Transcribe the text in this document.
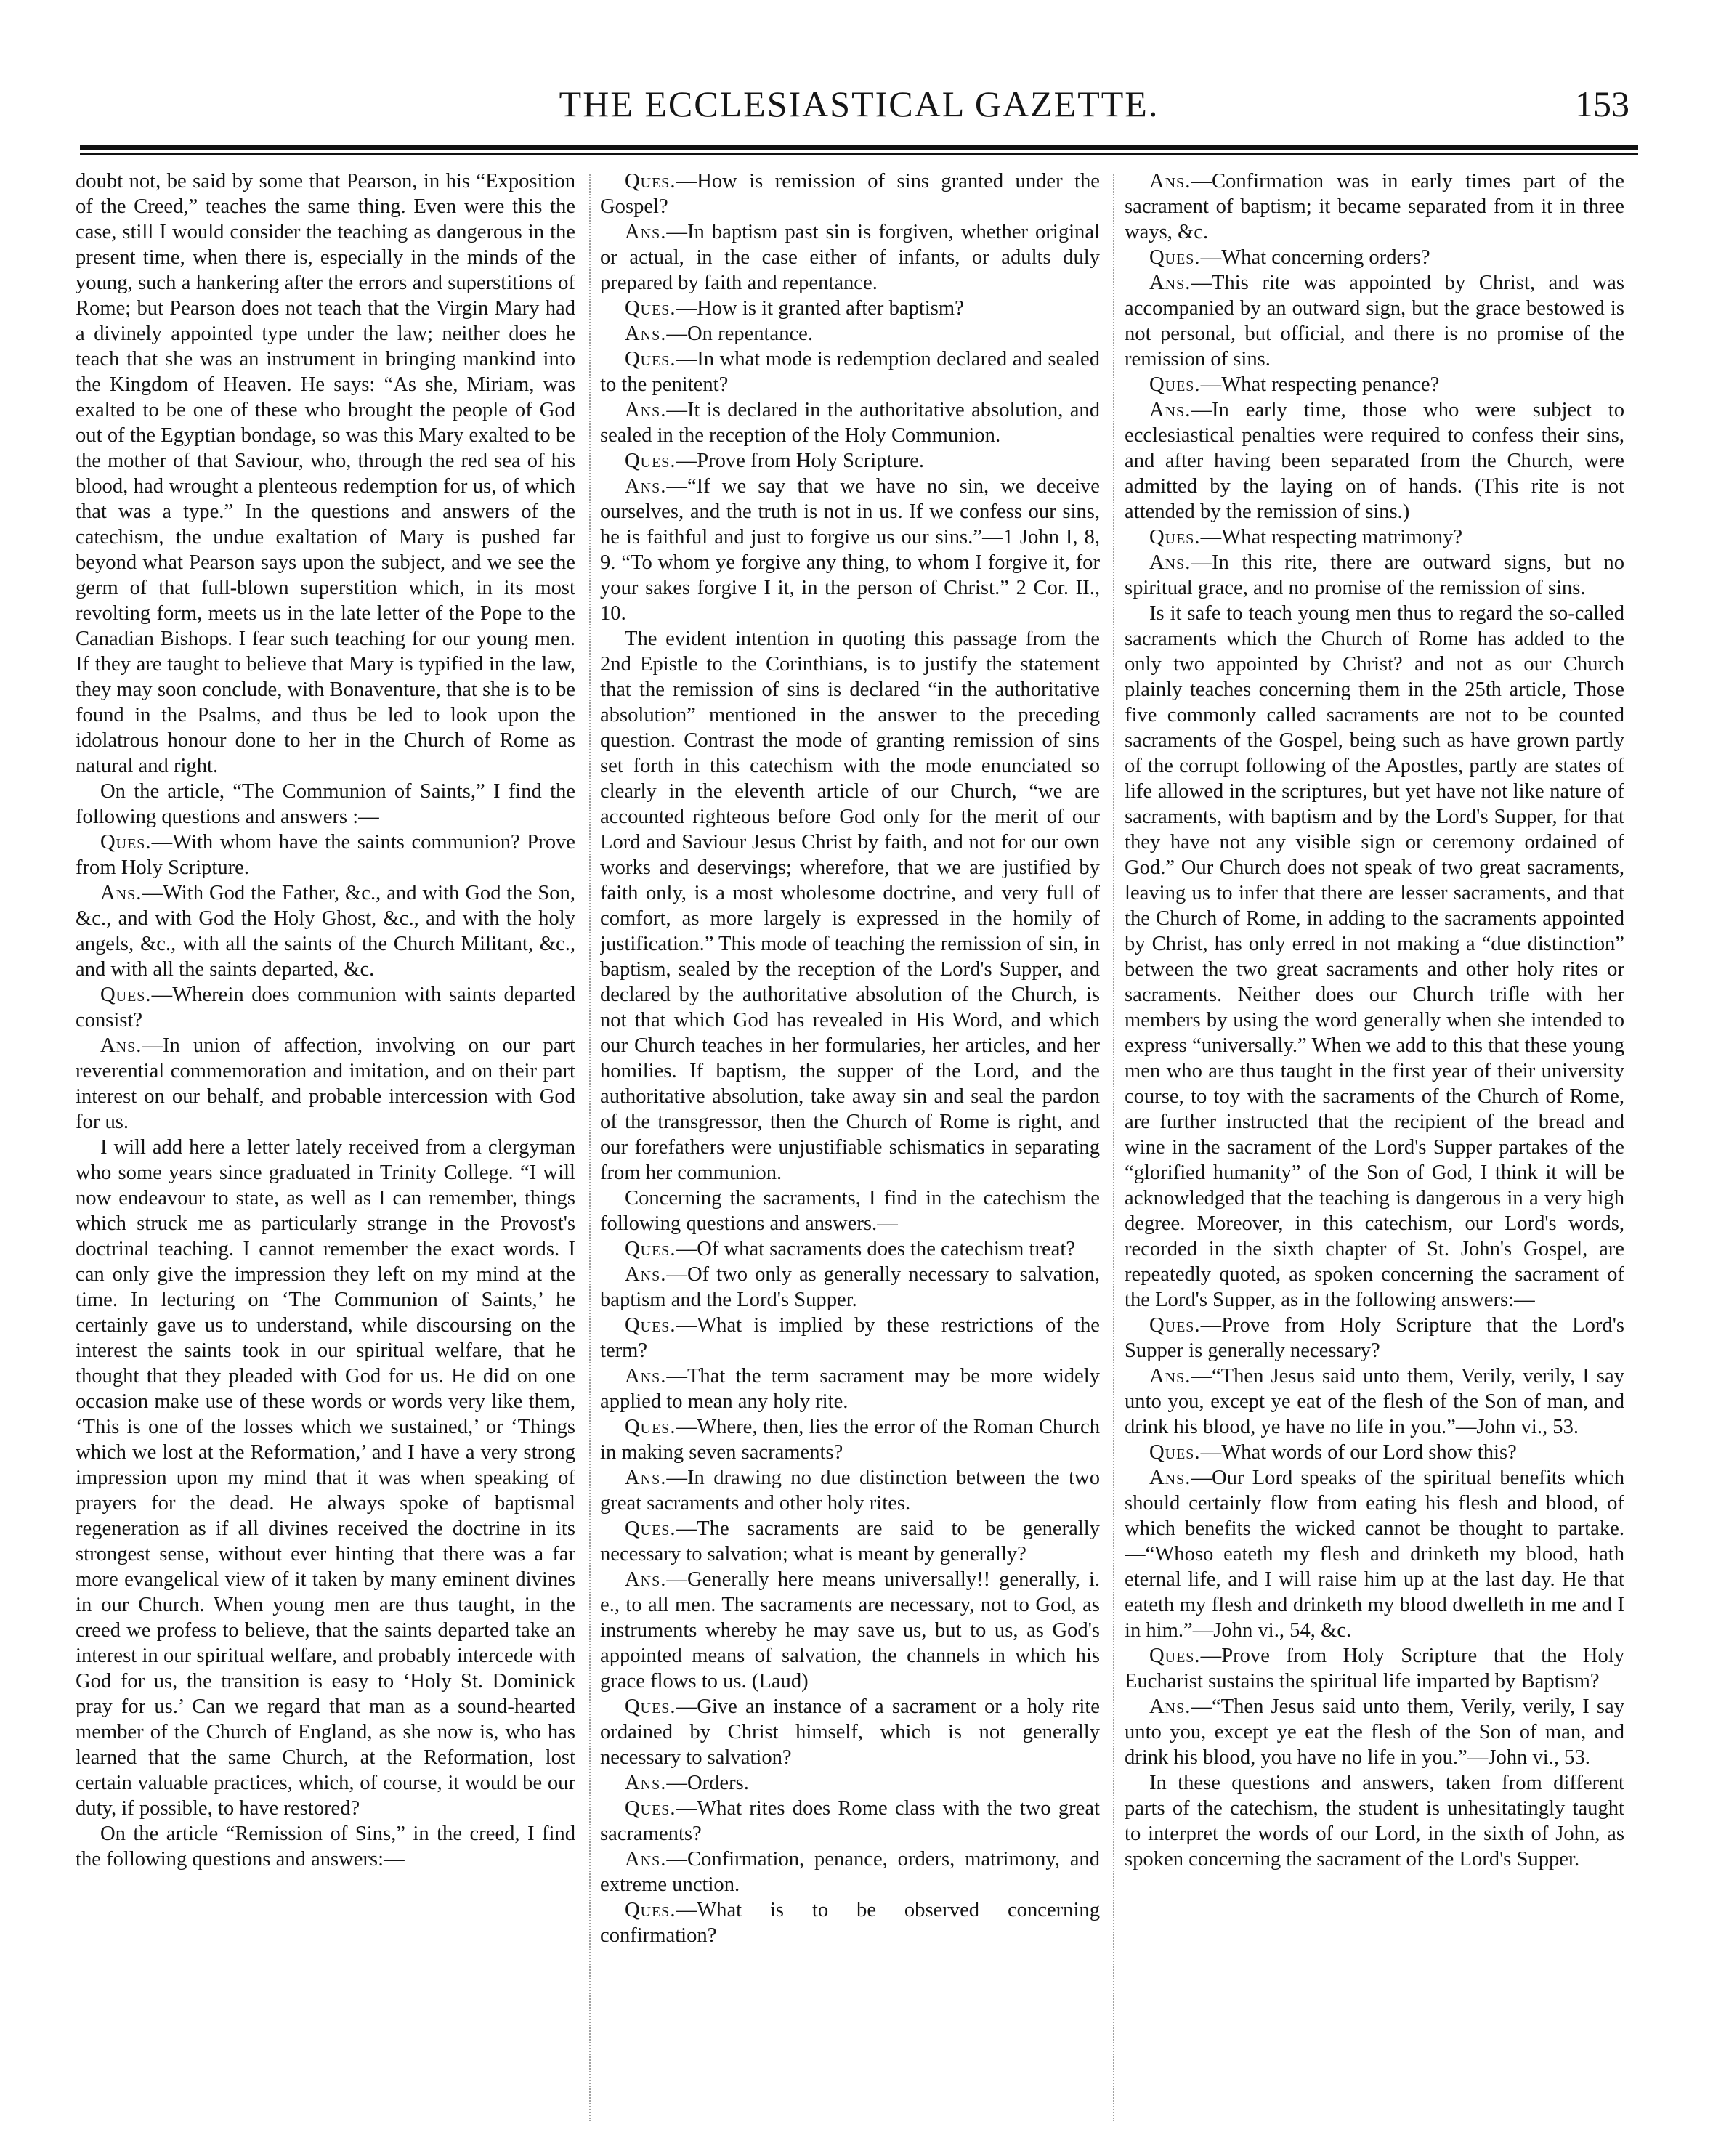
THE ECCLESIASTICAL GAZETTE.	153

doubt not, be said by some that Pearson, in his “Exposition of the Creed,” teaches the same thing. Even were this the case, still I would consider the teaching as dangerous in the present time, when there is, especially in the minds of the young, such a hankering after the errors and superstitions of Rome; but Pearson does not teach that the Virgin Mary had a divinely appointed type under the law; neither does he teach that she was an instrument in bringing mankind into the Kingdom of Heaven. He says: “As she, Miriam, was exalted to be one of these who brought the people of God out of the Egyptian bondage, so was this Mary exalted to be the mother of that Saviour, who, through the red sea of his blood, had wrought a plenteous redemption for us, of which that was a type.” In the questions and answers of the catechism, the undue exaltation of Mary is pushed far beyond what Pearson says upon the subject, and we see the germ of that full-blown superstition which, in its most revolting form, meets us in the late letter of the Pope to the Canadian Bishops. I fear such teaching for our young men. If they are taught to believe that Mary is typified in the law, they may soon conclude, with Bonaventure, that she is to be found in the Psalms, and thus be led to look upon the idolatrous honour done to her in the Church of Rome as natural and right.

On the article, “The Communion of Saints,” I find the following questions and answers :—

Ques.—With whom have the saints communion? Prove from Holy Scripture.

Ans.—With God the Father, &c., and with God the Son, &c., and with God the Holy Ghost, &c., and with the holy angels, &c., with all the saints of the Church Militant, &c., and with all the saints departed, &c.

Ques.—Wherein does communion with saints departed consist?

Ans.—In union of affection, involving on our part reverential commemoration and imitation, and on their part interest on our behalf, and probable intercession with God for us.

I will add here a letter lately received from a clergyman who some years since graduated in Trinity College. “I will now endeavour to state, as well as I can remember, things which struck me as particularly strange in the Provost's doctrinal teaching. I cannot remember the exact words. I can only give the impression they left on my mind at the time. In lecturing on ‘The Communion of Saints,’ he certainly gave us to understand, while discoursing on the interest the saints took in our spiritual welfare, that he thought that they pleaded with God for us. He did on one occasion make use of these words or words very like them, ‘This is one of the losses which we sustained,’ or ‘Things which we lost at the Reformation,’ and I have a very strong impression upon my mind that it was when speaking of prayers for the dead. He always spoke of baptismal regeneration as if all divines received the doctrine in its strongest sense, without ever hinting that there was a far more evangelical view of it taken by many eminent divines in our Church. When young men are thus taught, in the creed we profess to believe, that the saints departed take an interest in our spiritual welfare, and probably intercede with God for us, the transition is easy to ‘Holy St. Dominick pray for us.’ Can we regard that man as a sound-hearted member of the Church of England, as she now is, who has learned that the same Church, at the Reformation, lost certain valuable practices, which, of course, it would be our duty, if possible, to have restored?

On the article “Remission of Sins,” in the creed, I find the following questions and answers:—

Ques.—How is remission of sins granted under the Gospel?

Ans.—In baptism past sin is forgiven, whether original or actual, in the case either of infants, or adults duly prepared by faith and repentance.

Ques.—How is it granted after baptism?

Ans.—On repentance.

Ques.—In what mode is redemption declared and sealed to the penitent?

Ans.—It is declared in the authoritative absolution, and sealed in the reception of the Holy Communion.

Ques.—Prove from Holy Scripture.

Ans.—“If we say that we have no sin, we deceive ourselves, and the truth is not in us. If we confess our sins, he is faithful and just to forgive us our sins.”—1 John I, 8, 9. “To whom ye forgive any thing, to whom I forgive it, for your sakes forgive I it, in the person of Christ.” 2 Cor. II., 10.

The evident intention in quoting this passage from the 2nd Epistle to the Corinthians, is to justify the statement that the remission of sins is declared “in the authoritative absolution” mentioned in the answer to the preceding question. Contrast the mode of granting remission of sins set forth in this catechism with the mode enunciated so clearly in the eleventh article of our Church, “we are accounted righteous before God only for the merit of our Lord and Saviour Jesus Christ by faith, and not for our own works and deservings; wherefore, that we are justified by faith only, is a most wholesome doctrine, and very full of comfort, as more largely is expressed in the homily of justification.” This mode of teaching the remission of sin, in baptism, sealed by the reception of the Lord's Supper, and declared by the authoritative absolution of the Church, is not that which God has revealed in His Word, and which our Church teaches in her formularies, her articles, and her homilies. If baptism, the supper of the Lord, and the authoritative absolution, take away sin and seal the pardon of the transgressor, then the Church of Rome is right, and our forefathers were unjustifiable schismatics in separating from her communion.

Concerning the sacraments, I find in the catechism the following questions and answers.—

Ques.—Of what sacraments does the catechism treat?

Ans.—Of two only as generally necessary to salvation, baptism and the Lord's Supper.

Ques.—What is implied by these restrictions of the term?

Ans.—That the term sacrament may be more widely applied to mean any holy rite.

Ques.—Where, then, lies the error of the Roman Church in making seven sacraments?

Ans.—In drawing no due distinction between the two great sacraments and other holy rites.

Ques.—The sacraments are said to be generally necessary to salvation; what is meant by generally?

Ans.—Generally here means universally!! generally, i. e., to all men. The sacraments are necessary, not to God, as instruments whereby he may save us, but to us, as God's appointed means of salvation, the channels in which his grace flows to us. (Laud)

Ques.—Give an instance of a sacrament or a holy rite ordained by Christ himself, which is not generally necessary to salvation?

Ans.—Orders.

Ques.—What rites does Rome class with the two great sacraments?

Ans.—Confirmation, penance, orders, matrimony, and extreme unction.

Ques.—What is to be observed concerning confirmation?

Ans.—Confirmation was in early times part of the sacrament of baptism; it became separated from it in three ways, &c.

Ques.—What concerning orders?

Ans.—This rite was appointed by Christ, and was accompanied by an outward sign, but the grace bestowed is not personal, but official, and there is no promise of the remission of sins.

Ques.—What respecting penance?

Ans.—In early time, those who were subject to ecclesiastical penalties were required to confess their sins, and after having been separated from the Church, were admitted by the laying on of hands. (This rite is not attended by the remission of sins.)

Ques.—What respecting matrimony?

Ans.—In this rite, there are outward signs, but no spiritual grace, and no promise of the remission of sins.

Is it safe to teach young men thus to regard the so-called sacraments which the Church of Rome has added to the only two appointed by Christ? and not as our Church plainly teaches concerning them in the 25th article, Those five commonly called sacraments are not to be counted sacraments of the Gospel, being such as have grown partly of the corrupt following of the Apostles, partly are states of life allowed in the scriptures, but yet have not like nature of sacraments, with baptism and by the Lord's Supper, for that they have not any visible sign or ceremony ordained of God.” Our Church does not speak of two great sacraments, leaving us to infer that there are lesser sacraments, and that the Church of Rome, in adding to the sacraments appointed by Christ, has only erred in not making a “due distinction” between the two great sacraments and other holy rites or sacraments. Neither does our Church trifle with her members by using the word generally when she intended to express “universally.” When we add to this that these young men who are thus taught in the first year of their university course, to toy with the sacraments of the Church of Rome, are further instructed that the recipient of the bread and wine in the sacrament of the Lord's Supper partakes of the “glorified humanity” of the Son of God, I think it will be acknowledged that the teaching is dangerous in a very high degree. Moreover, in this catechism, our Lord's words, recorded in the sixth chapter of St. John's Gospel, are repeatedly quoted, as spoken concerning the sacrament of the Lord's Supper, as in the following answers:—

Ques.—Prove from Holy Scripture that the Lord's Supper is generally necessary?

Ans.—“Then Jesus said unto them, Verily, verily, I say unto you, except ye eat of the flesh of the Son of man, and drink his blood, ye have no life in you.”—John vi., 53.

Ques.—What words of our Lord show this?

Ans.—Our Lord speaks of the spiritual benefits which should certainly flow from eating his flesh and blood, of which benefits the wicked cannot be thought to partake.—“Whoso eateth my flesh and drinketh my blood, hath eternal life, and I will raise him up at the last day. He that eateth my flesh and drinketh my blood dwelleth in me and I in him.”—John vi., 54, &c.

Ques.—Prove from Holy Scripture that the Holy Eucharist sustains the spiritual life imparted by Baptism?

Ans.—“Then Jesus said unto them, Verily, verily, I say unto you, except ye eat the flesh of the Son of man, and drink his blood, you have no life in you.”—John vi., 53.

In these questions and answers, taken from different parts of the catechism, the student is unhesitatingly taught to interpret the words of our Lord, in the sixth of John, as spoken concerning the sacrament of the Lord's Supper.
